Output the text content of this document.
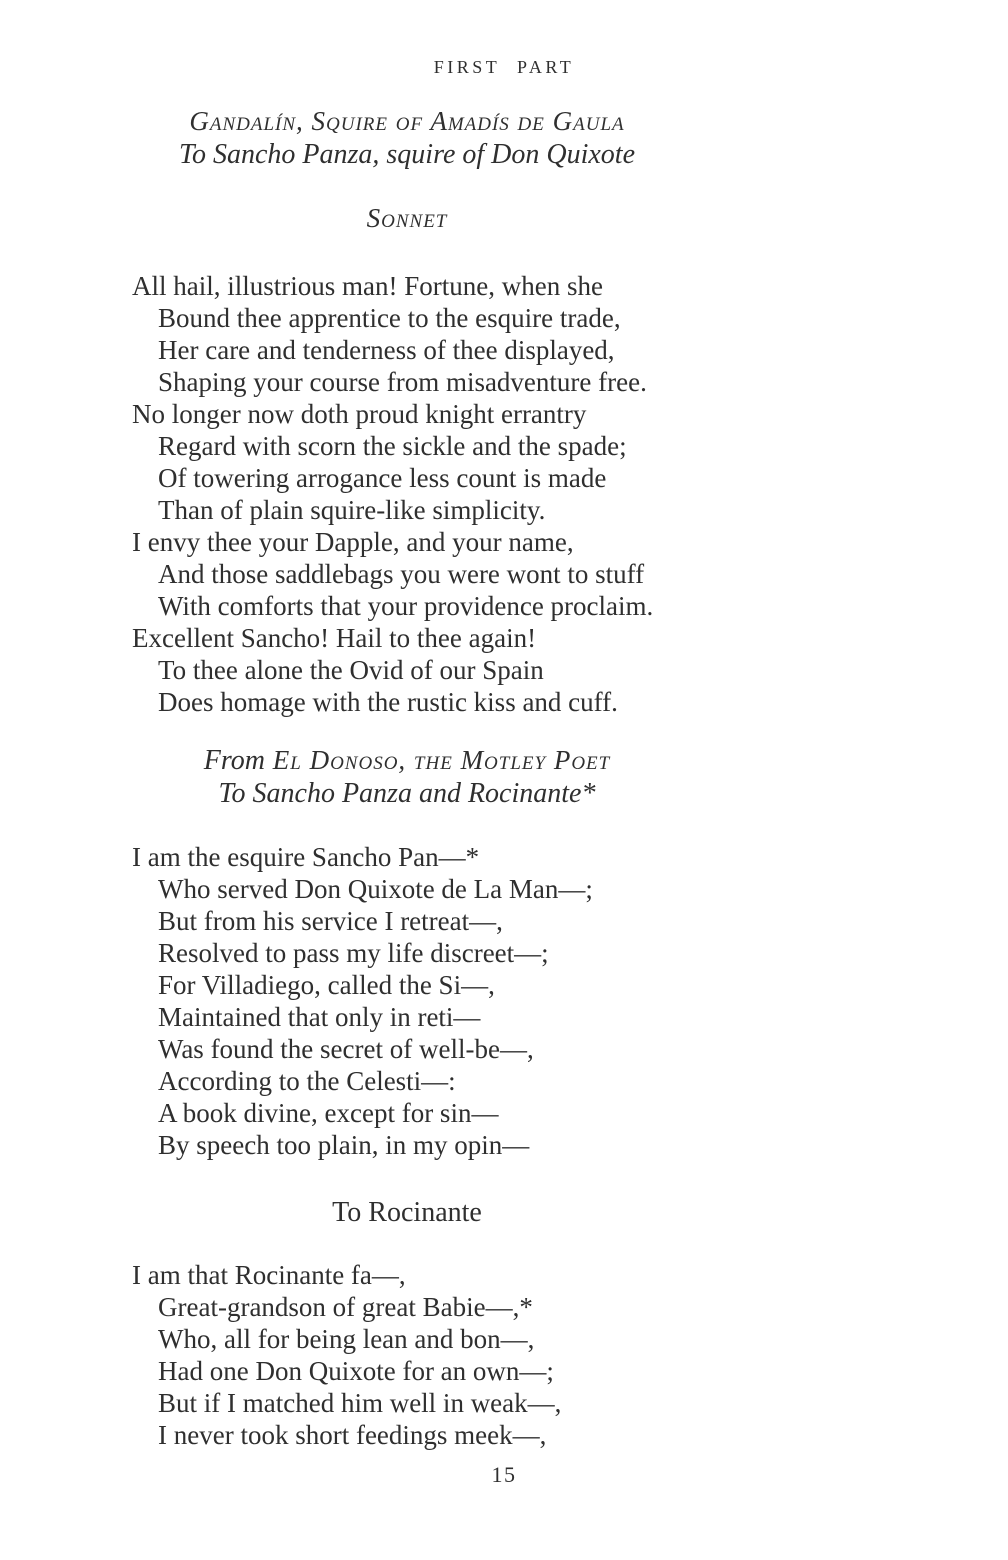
FIRST PART
Gandalín, Squire of Amadís de Gaula
To Sancho Panza, squire of Don Quixote
Sonnet
All hail, illustrious man! Fortune, when she
Bound thee apprentice to the esquire trade,
Her care and tenderness of thee displayed,
Shaping your course from misadventure free.
No longer now doth proud knight errantry
Regard with scorn the sickle and the spade;
Of towering arrogance less count is made
Than of plain squire-like simplicity.
I envy thee your Dapple, and your name,
And those saddlebags you were wont to stuff
With comforts that your providence proclaim.
Excellent Sancho! Hail to thee again!
To thee alone the Ovid of our Spain
Does homage with the rustic kiss and cuff.
From El Donoso, the Motley Poet
To Sancho Panza and Rocinante*
I am the esquire Sancho Pan—*
Who served Don Quixote de La Man—;
But from his service I retreat—,
Resolved to pass my life discreet—;
For Villadiego, called the Si—,
Maintained that only in reti—
Was found the secret of well-be—,
According to the Celesti—:
A book divine, except for sin—
By speech too plain, in my opin—
To Rocinante
I am that Rocinante fa—,
Great-grandson of great Babie—,*
Who, all for being lean and bon—,
Had one Don Quixote for an own—;
But if I matched him well in weak—,
I never took short feedings meek—,
15
